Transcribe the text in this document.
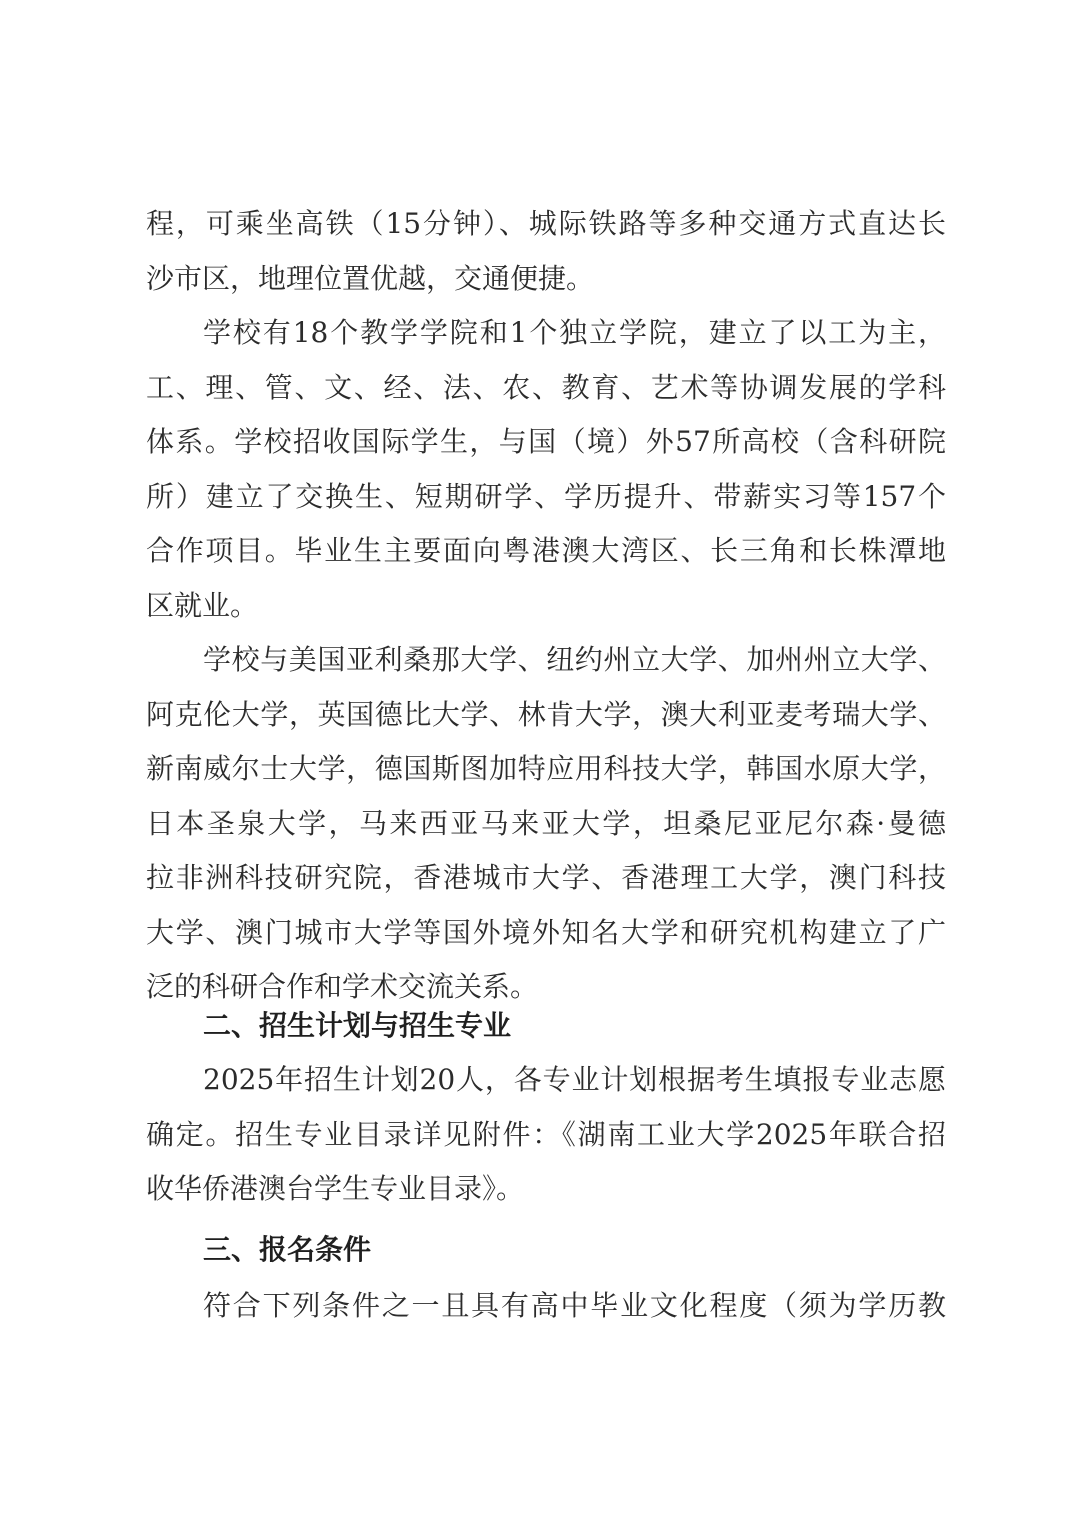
程，可乘坐高铁（15分钟）、城际铁路等多种交通方式直达长
沙市区，地理位置优越，交通便捷。
学校有18个教学学院和1个独立学院，建立了以工为主，
工、理、管、文、经、法、农、教育、艺术等协调发展的学科
体系。学校招收国际学生，与国（境）外57所高校（含科研院
所）建立了交换生、短期研学、学历提升、带薪实习等157个
合作项目。毕业生主要面向粤港澳大湾区、长三角和长株潭地
区就业。
学校与美国亚利桑那大学、纽约州立大学、加州州立大学、
阿克伦大学，英国德比大学、林肯大学，澳大利亚麦考瑞大学、
新南威尔士大学，德国斯图加特应用科技大学，韩国水原大学，
日本圣泉大学，马来西亚马来亚大学，坦桑尼亚尼尔森·曼德
拉非洲科技研究院，香港城市大学、香港理工大学，澳门科技
大学、澳门城市大学等国外境外知名大学和研究机构建立了广
泛的科研合作和学术交流关系。
二、招生计划与招生专业
2025年招生计划20人，各专业计划根据考生填报专业志愿
确定。招生专业目录详见附件：《湖南工业大学2025年联合招
收华侨港澳台学生专业目录》。
三、报名条件
符合下列条件之一且具有高中毕业文化程度（须为学历教
